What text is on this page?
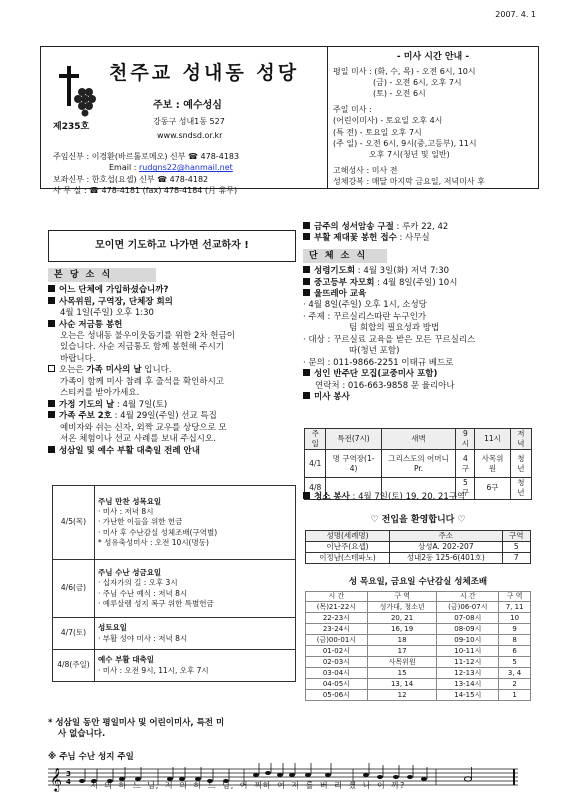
2007. 4. 1
천주교 성내동 성당
제235호
주보 : 예수성심
강동구 성내1동 527
www.sndsd.or.kr
주임신부 : 이경환(바르톨로메오) 신부 ☎ 478-4183
Email : rudgns22@hanmail.net
보좌신부 : 한호섭(요셉) 신부 ☎ 478-4182
사 무 실 : ☎ 478-4181 (fax) 478-4184 (月 휴무)
- 미사 시간 안내 -
평일 미사 : (화, 수, 목) - 오전 6시, 10시
(금) - 오전 6시, 오후 7시
(토) - 오전 6시
주일 미사 :
(어린이미사) - 토요일 오후 4시
(특 전) - 토요일 오후 7시
(주 일) - 오전 6시, 9시(중,고등부), 11시
오후 7시(청년 및 일반)
고해성사 : 미사 전
성체강복 : 매달 마지막 금요일, 저녁미사 후
모이면 기도하고 나가면 선교하자 !
본 당 소 식
어느 단체에 가입하셨습니까?
사목위원, 구역장, 단체장 회의
4월 1일(주일) 오후 1:30
사순 저금통 봉헌
오는은 성내동 불우이웃돕기를 위한 2차 헌금이
있습니다. 사순 저금통도 함께 봉헌해 주시기
바랍니다.
오는은 가족 미사의 날 입니다.
가족이 함께 미사 참례 후 출석을 확인하시고
스티커를 받아가세요.
가정 기도의 날 : 4월 7일(토)
가족 주보 2호 : 4월 29일(주일) 선교 특집
예비자와 쉬는 신자, 외짝 교우를 상당으로 모
셔온 체험이나 선교 사례를 보내 주십시오.
성삼일 및 예수 부활 대축일 전례 안내
4/5(목)	주님 만찬 성목요일
· 미사 : 저녁 8시
· 가난한 이들을 위한 헌금
· 미사 후 수난감실 성체조배(구역별)
* 성유축성미사 : 오전 10시(명동)
4/6(금)	주님 수난 성금요일
· 십자가의 길 : 오후 3시
· 주님 수난 예식 : 저녁 8시
· 예루살렘 성지 복구 위한 특별헌금
4/7(토)	성토요일
· 부활 성야 미사 : 저녁 8시
4/8(주일)	예수 부활 대축일
· 미사 : 오전 9시, 11시, 오후 7시
* 성삼일 동안 평일미사 및 어린이미사, 특전 미
사 없습니다.
※ 주님 수난 성지 주일
𝄞 3
4 저 의 하 느 님, 저 의 하 느 님, 어 찌하 여 저 를 버 리 셨 나 이 까?
금주의 성서암송 구절 : 루카 22, 42
부활 제대꽃 봉헌 접수 : 사무실
단 체 소 식
성령기도회 : 4월 3일(화) 저녁 7:30
중고등부 자모회 : 4월 8일(주일) 10시
울뜨레아 교육
· 4월 8일(주일) 오후 1시, 소성당
· 주제 : 꾸르실리스따란 누구인가
팀 회합의 필요성과 방법
· 대상 : 꾸르실료 교육을 받은 모든 꾸르실리스
따(청년 포함)
· 문의 : 011-9866-2251 이태규 베드로
성인 반주단 모집(교중미사 포함)
연락처 : 016-663-9858 문 율리아나
미사 봉사
주일	특전(7시)	새벽	9시	11시	저녁
4/1	명 구역장(1-4)	그리스도의 어머니Pr.	4구	사목위원	청년
4/8			5구	6구	청년
청소 봉사 : 4월 7일(토) 19, 20, 21구역
♡ 전입을 환영합니다 ♡
성명(세례명)	주소	구역
이난주(요셉)	상성A. 202-207	5
이정남(스테파노)	성내2동 125-6(401호)	7
성 목요일, 금요일 수난감실 성체조배
시 간	구 역	시 간	구 역
(목)21-22시	성가대, 청소년	(금)06-07시	7, 11
22-23시	20, 21	07-08시	10
23-24시	16, 19	08-09시	9
(금)00-01시	18	09-10시	8
01-02시	17	10-11시	6
02-03시	사목위원	11-12시	5
03-04시	15	12-13시	3, 4
04-05시	13, 14	13-14시	2
05-06시	12	14-15시	1
